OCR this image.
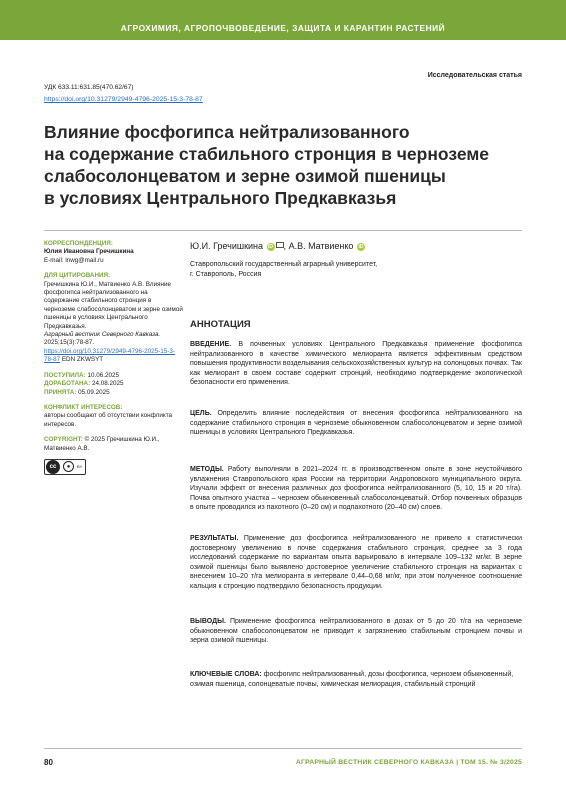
АГРОХИМИЯ, АГРОПОЧВОВЕДЕНИЕ, ЗАЩИТА И КАРАНТИН РАСТЕНИЙ
Исследовательская статья
УДК 633.11:631.85(470.62/67)
https://doi.org/10.31279/2949-4796-2025-15-3-78-87
Влияние фосфогипса нейтрализованного
на содержание стабильного стронция в черноземе
слабосолонцеватом и зерне озимой пшеницы
в условиях Центрального Предкавказья
КОРРЕСПОНДЕНЦИЯ:
Юлия Ивановна Гречишкина
E-mail: lnwg@mail.ru
ДЛЯ ЦИТИРОВАНИЯ:
Гречишкина Ю.И., Матвиенко А.В. Влияние фосфогипса нейтрализованного на содержание стабильного стронция в черноземе слабосолонцеватом и зерне озимой пшеницы в условиях Центрального Предкавказья.
Аграрный вестник Северного Кавказа. 2025;15(3):78-87.
https://doi.org/10.31279/2949-4796-2025-15-3-78-87 EDN ZKWSYT
ПОСТУПИЛА: 10.06.2025
ДОРАБОТАНА: 24.08.2025
ПРИНЯТА: 05.09.2025
КОНФЛИКТ ИНТЕРЕСОВ:
авторы сообщают об отсутствии конфликта интересов.
COPYRIGHT: © 2025 Гречишкина Ю.И., Матвиенко А.В.
cc	●	BY
Ю.И. Гречишкина iD , А.В. Матвиенко iD
Ставропольский государственный аграрный университет,
г. Ставрополь, Россия
АННОТАЦИЯ
ВВЕДЕНИЕ. В почвенных условиях Центрального Предкавказья применение фосфогипса нейтрализованного в качестве химического мелиоранта является эффективным средством повышения продуктивности возделывания сельскохозяйственных культур на солонцовых почвах. Так как мелиорант в своем составе содержит стронций, необходимо подтверждение экологической безопасности его применения.
ЦЕЛЬ. Определить влияние последействия от внесения фосфогипса нейтрализованного на содержание стабильного стронция в черноземе обыкновенном слабосолонцеватом и зерне озимой пшеницы в условиях Центрального Предкавказья.
МЕТОДЫ. Работу выполняли в 2021–2024 гг. в производственном опыте в зоне неустойчивого увлажнения Ставропольского края России на территории Андроповского муниципального округа. Изучали эффект от внесения различных доз фосфогипса нейтрализованного (5, 10, 15 и 20 т/га). Почва опытного участка – чернозем обыкновенный слабосолонцеватый. Отбор почвенных образцов в опыте проводился из пахотного (0–20 см) и подпахотного (20–40 см) слоев.
РЕЗУЛЬТАТЫ. Применение доз фосфогипса нейтрализованного не привело к статистически достоверному увеличению в почве содержания стабильного стронция, среднее за 3 года исследований содержание по вариантам опыта варьировало в интервале 109–132 мг/кг. В зерне озимой пшеницы было выявлено достоверное увеличение стабильного стронция на вариантах с внесением 10–20 т/га мелиоранта в интервале 0,44–0,68 мг/кг, при этом полученное соотношение кальция к стронцию подтвердило безопасность продукции.
ВЫВОДЫ. Применение фосфогипса нейтрализованного в дозах от 5 до 20 т/га на черноземе обыкновенном слабосолонцеватом не приводит к загрязнению стабильным стронцием почвы и зерна озимой пшеницы.
КЛЮЧЕВЫЕ СЛОВА: фосфогипс нейтрализованный, дозы фосфогипса, чернозем обыкновенный, озимая пшеница, солонцеватые почвы, химическая мелиорация, стабильный стронций
80	АГРАРНЫЙ ВЕСТНИК СЕВЕРНОГО КАВКАЗА | ТОМ 15. № 3/2025
